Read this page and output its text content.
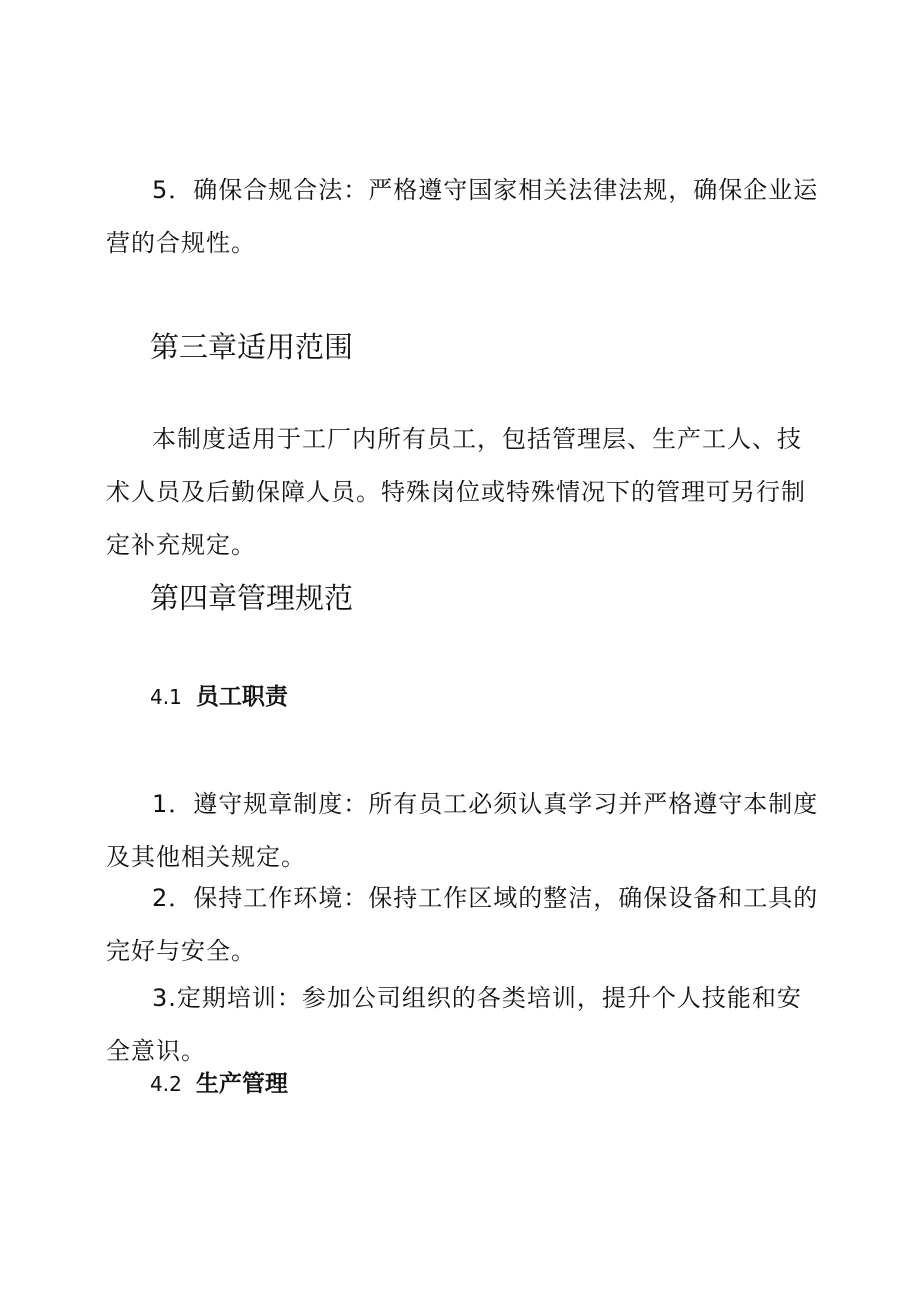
5．确保合规合法：严格遵守国家相关法律法规，确保企业运营的合规性。

第三章适用范围

本制度适用于工厂内所有员工，包括管理层、生产工人、技术人员及后勤保障人员。特殊岗位或特殊情况下的管理可另行制定补充规定。

第四章管理规范
4.1 员工职责

1．遵守规章制度：所有员工必须认真学习并严格遵守本制度及其他相关规定。

2．保持工作环境：保持工作区域的整洁，确保设备和工具的完好与安全。

3.定期培训：参加公司组织的各类培训，提升个人技能和安全意识。

4.2 生产管理
